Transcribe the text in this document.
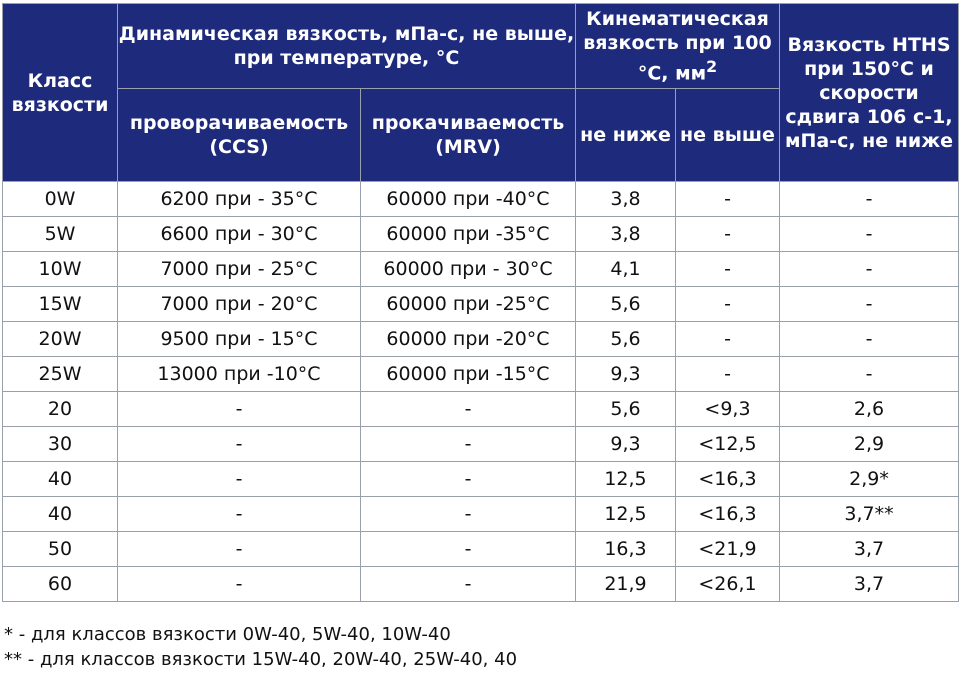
Класс вязкости	Динамическая вязкость, мПа-с, не выше, при температуре, °С		Кинематическая вязкость при 100 °С, $мм^2$		Вязкость HTHS при 150°С и скорости сдвига 106 с-1, мПа-с, не ниже
	проворачиваемость (CCS)	прокачиваемость (MRV)	не ниже	не выше	
0W	6200 при - 35°С	60000 при -40°С	3,8	-	-
5W	6600 при - 30°С	60000 при -35°С	3,8	-	-
10W	7000 при - 25°С	60000 при - 30°С	4,1	-	-
15W	7000 при - 20°С	60000 при -25°С	5,6	-	-
20W	9500 при - 15°С	60000 при -20°С	5,6	-	-
25W	13000 при -10°С	60000 при -15°С	9,3	-	-
20	-	-	5,6	<9,3	2,6
30	-	-	9,3	<12,5	2,9
40	-	-	12,5	<16,3	2,9*
40	-	-	12,5	<16,3	3,7**
50	-	-	16,3	<21,9	3,7
60	-	-	21,9	<26,1	3,7
* - для классов вязкости 0W-40, 5W-40, 10W-40
** - для классов вязкости 15W-40, 20W-40, 25W-40, 40
